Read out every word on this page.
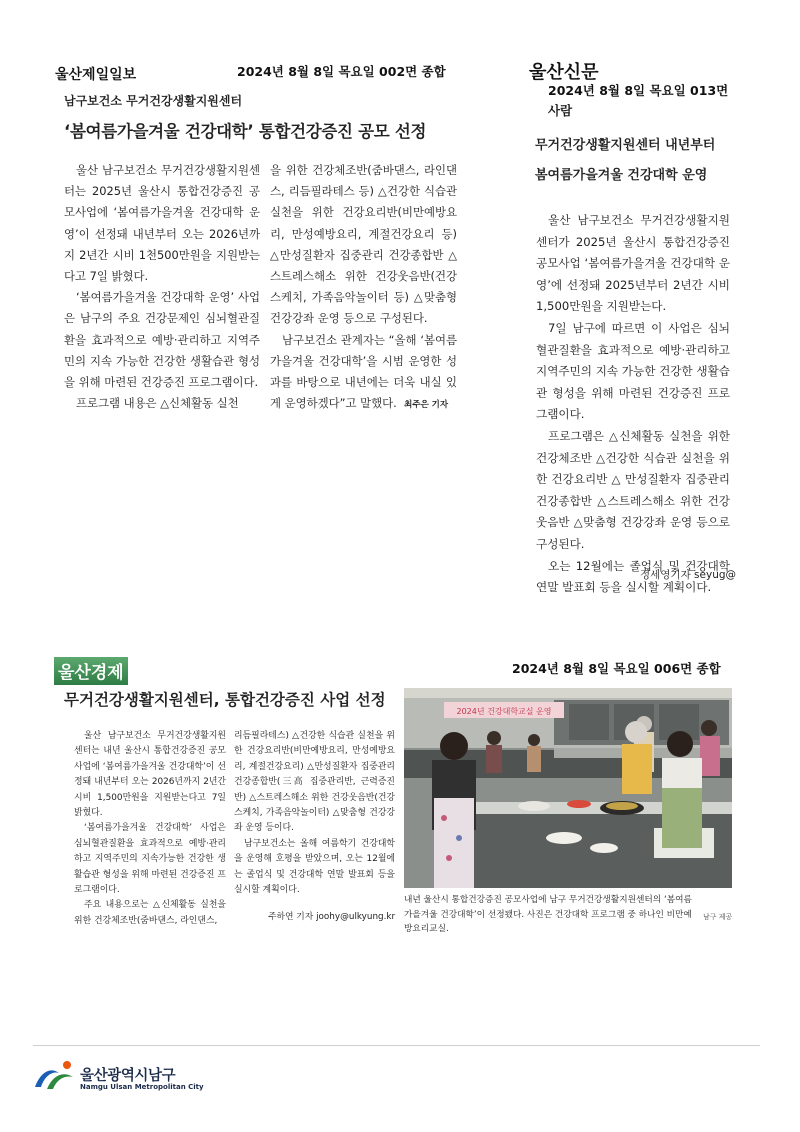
울산제일일보	2024년 8월 8일 목요일 002면 종합
남구보건소 무거건강생활지원센터
‘봄여름가을겨울 건강대학’ 통합건강증진 공모 선정

울산 남구보건소 무거건강생활지원센터는 2025년 울산시 통합건강증진 공모사업에 ‘봄여름가을겨울 건강대학 운영’이 선정돼 내년부터 오는 2026년까지 2년간 시비 1천500만원을 지원받는다고 7일 밝혔다.

‘봄여름가을겨울 건강대학 운영’ 사업은 남구의 주요 건강문제인 심뇌혈관질환을 효과적으로 예방·관리하고 지역주민의 지속 가능한 건강한 생활습관 형성을 위해 마련된 건강증진 프로그램이다.

프로그램 내용은 △신체활동 실천

을 위한 건강체조반(줌바댄스, 라인댄스, 리듬필라테스 등) △건강한 식습관 실천을 위한 건강요리반(비만예방요리, 만성예방요리, 계절건강요리 등) △만성질환자 집중관리 건강종합반 △스트레스해소 위한 건강웃음반(건강스케치, 가족음악놀이터 등) △맞춤형 건강강좌 운영 등으로 구성된다.

남구보건소 관계자는 “올해 ‘봄여름가을겨울 건강대학’을 시범 운영한 성과를 바탕으로 내년에는 더욱 내실 있게 운영하겠다”고 말했다. 최주은 기자

울산신문
2024년 8월 8일 목요일 013면
사람
무거건강생활지원센터 내년부터
봄여름가을겨울 건강대학 운영

울산 남구보건소 무거건강생활지원센터가 2025년 울산시 통합건강증진 공모사업 ‘봄여름가을겨울 건강대학 운영’에 선정돼 2025년부터 2년간 시비 1,500만원을 지원받는다.

7일 남구에 따르면 이 사업은 심뇌혈관질환을 효과적으로 예방·관리하고 지역주민의 지속 가능한 건강한 생활습관 형성을 위해 마련된 건강증진 프로그램이다.

프로그램은 △신체활동 실천을 위한 건강체조반 △건강한 식습관 실천을 위한 건강요리반 △ 만성질환자 집중관리 건강종합반 △스트레스해소 위한 건강웃음반 △맞춤형 건강강좌 운영 등으로 구성된다.

오는 12월에는 졸업식 및 건강대학 연말 발표회 등을 실시할 계획이다.

정세영기자 seyug@
울산경제	2024년 8월 8일 목요일 006면 종합
무거건강생활지원센터, 통합건강증진 사업 선정

울산 남구보건소 무거건강생활지원센터는 내년 울산시 통합건강증진 공모사업에 ‘봄여름가을겨울 건강대학’이 선정돼 내년부터 오는 2026년까지 2년간 시비 1,500만원을 지원받는다고 7일 밝혔다.

‘봄여름가을겨울 건강대학’ 사업은 심뇌혈관질환을 효과적으로 예방·관리하고 지역주민의 지속가능한 건강한 생활습관 형성을 위해 마련된 건강증진 프로그램이다.

주요 내용으로는 △신체활동 실천을 위한 건강체조반(줌바댄스, 라인댄스,

리듬필라테스) △건강한 식습관 실천을 위한 건강요리반(비만예방요리, 만성예방요리, 계절건강요리) △만성질환자 집중관리 건강종합반(三高 집중관리반, 근력증진반) △스트레스해소 위한 건강웃음반(건강스케치, 가족음악놀이터) △맞춤형 건강강좌 운영 등이다.

남구보건소는 올해 여름학기 건강대학을 운영해 호평을 받았으며, 오는 12월에는 졸업식 및 건강대학 연말 발표회 등을 실시할 계획이다.

주하연 기자 joohy@ulkyung.kr
2024년 건강대학교실 운영
내년 울산시 통합건강증진 공모사업에 남구 무거건강생활지원센터의 ‘봄여름가을겨울 건강대학’이 선정됐다. 사진은 건강대학 프로그램 중 하나인 비만예방요리교실.
남구 제공
울산광역시남구
Namgu Ulsan Metropolitan City
